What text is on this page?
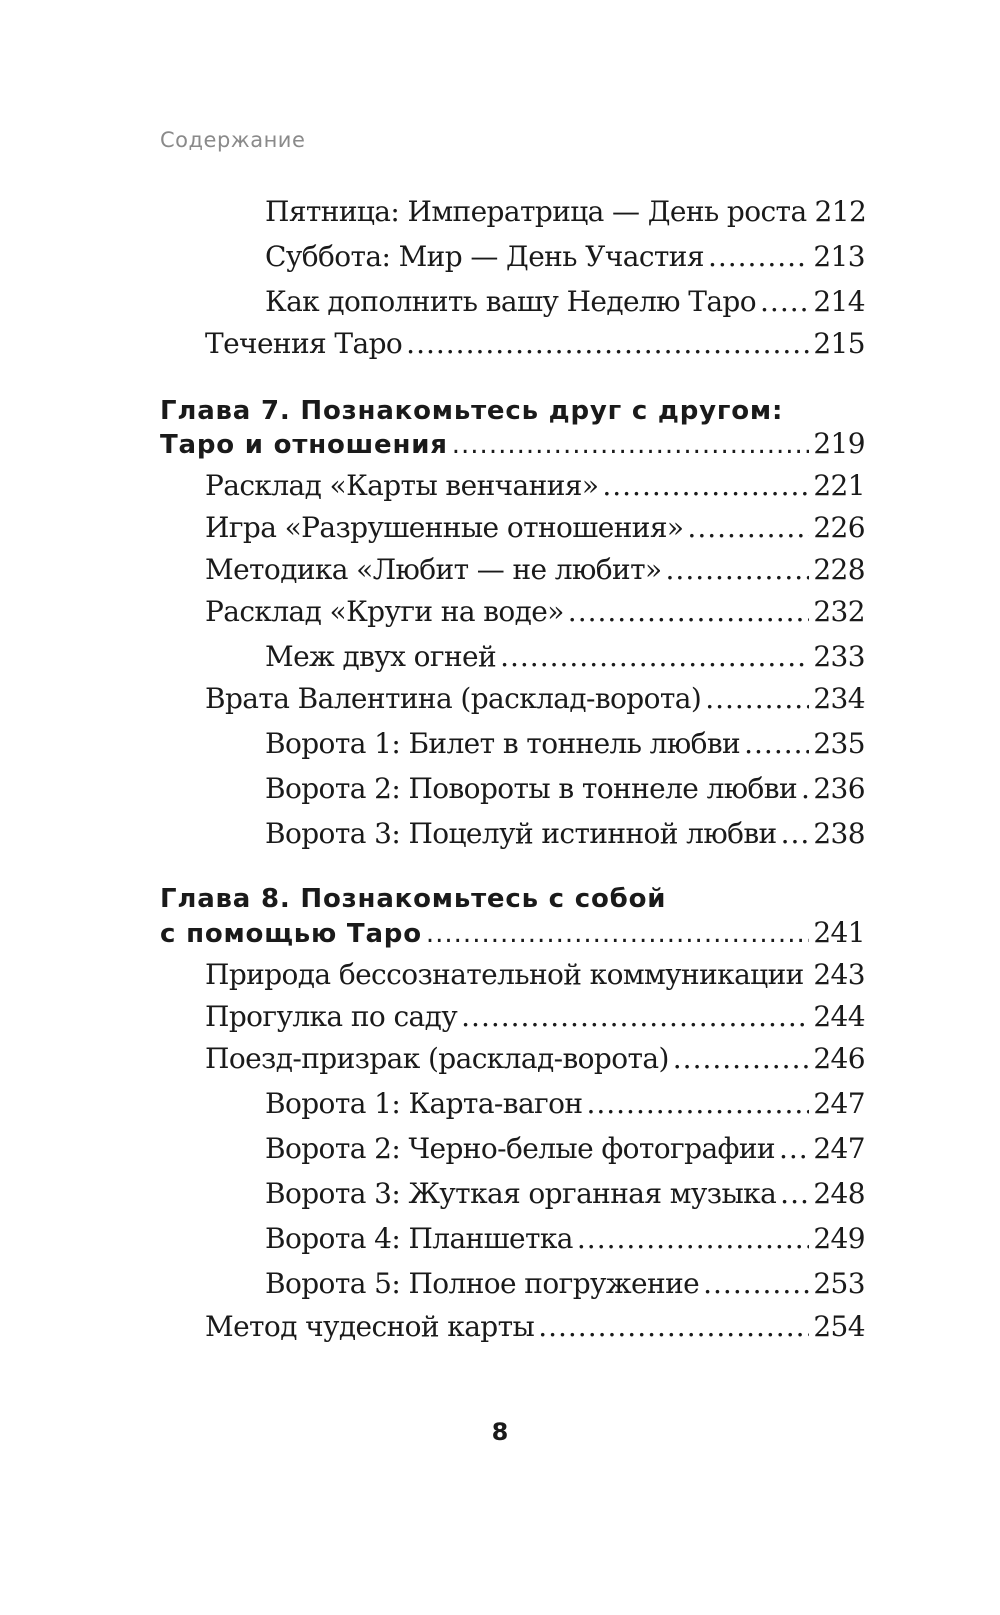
Содержание
Пятница: Императрица — День роста 212
Суббота: Мир — День Участия .....	213
Как дополнить вашу Неделю Таро ..... 214
Течения Таро .....	215
Глава 7. Познакомьтесь друг с другом:
Таро и отношения .....	219
Расклад «Карты венчания» .....	221
Игра «Разрушенные отношения» .....	226
Методика «Любит — не любит» .....	228
Расклад «Круги на воде» .....	232
Меж двух огней .....	233
Врата Валентина (расклад-ворота) .....	234
Ворота 1: Билет в тоннель любви .....	235
Ворота 2: Повороты в тоннеле любви ..... 236
Ворота 3: Поцелуй истинной любви ..... 238
Глава 8. Познакомьтесь с собой
с помощью Таро .....	241
Природа бессознательной коммуникации ..... 243
Прогулка по саду .....	244
Поезд-призрак (расклад-ворота) .....	246
Ворота 1: Карта-вагон .....	247
Ворота 2: Черно-белые фотографии ..... 247
Ворота 3: Жуткая органная музыка ..... 248
Ворота 4: Планшетка .....	249
Ворота 5: Полное погружение .....	253
Метод чудесной карты .....	254
8
